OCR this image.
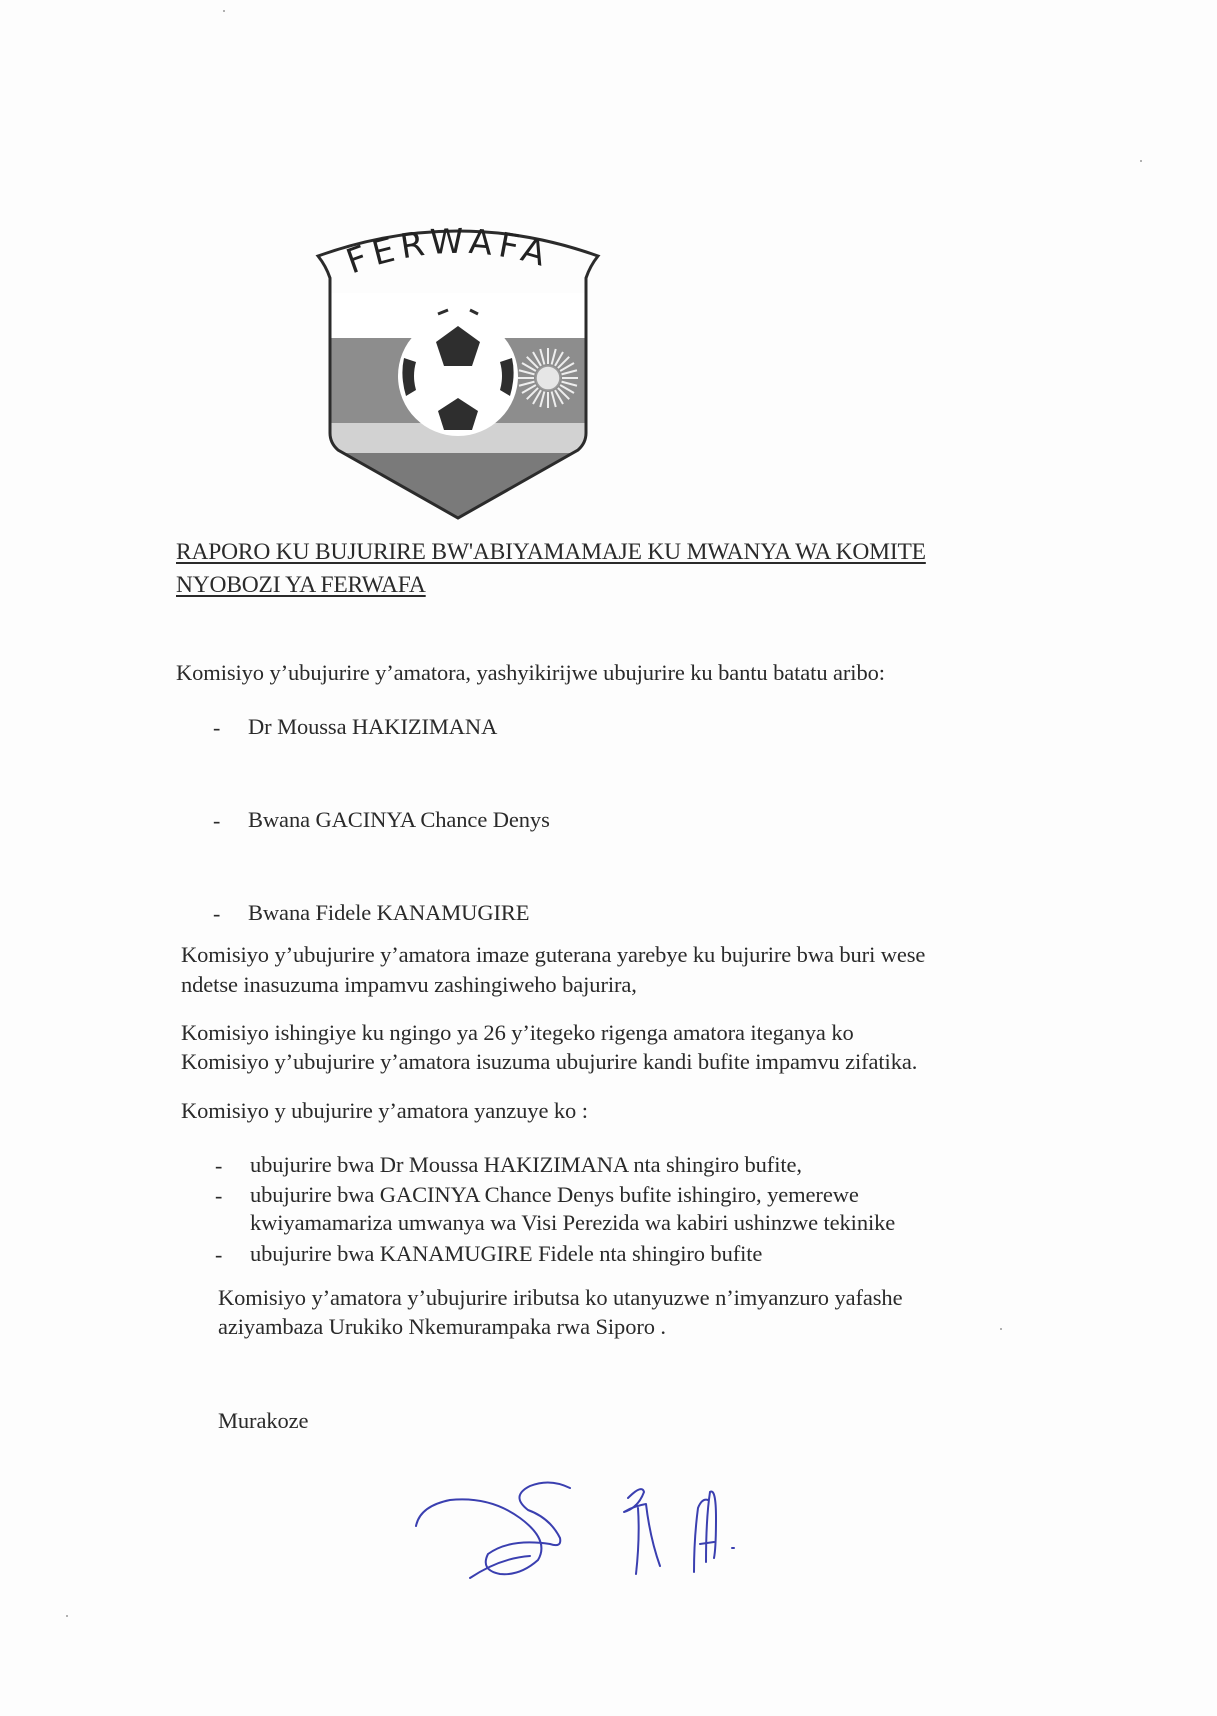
FERWAFA
RAPORO KU BUJURIRE BW'ABIYAMAMAJE KU MWANYA WA KOMITE
NYOBOZI YA FERWAFA
Komisiyo y’ubujurire y’amatora, yashyikirijwe ubujurire ku bantu batatu aribo:
- Dr Moussa HAKIZIMANA
- Bwana GACINYA Chance Denys
- Bwana Fidele KANAMUGIRE
Komisiyo y’ubujurire y’amatora imaze guterana yarebye ku bujurire bwa buri wese
ndetse inasuzuma impamvu zashingiweho bajurira,
Komisiyo ishingiye ku ngingo ya 26 y’itegeko rigenga amatora iteganya ko
Komisiyo y’ubujurire y’amatora isuzuma ubujurire kandi bufite impamvu zifatika.
Komisiyo y ubujurire y’amatora yanzuye ko :
- ubujurire bwa Dr Moussa HAKIZIMANA nta shingiro bufite,
- ubujurire bwa GACINYA Chance Denys bufite ishingiro, yemerewe
kwiyamamariza umwanya wa Visi Perezida wa kabiri ushinzwe tekinike
- ubujurire bwa KANAMUGIRE Fidele nta shingiro bufite
Komisiyo y’amatora y’ubujurire iributsa ko utanyuzwe n’imyanzuro yafashe
aziyambaza Urukiko Nkemurampaka rwa Siporo .
Murakoze
